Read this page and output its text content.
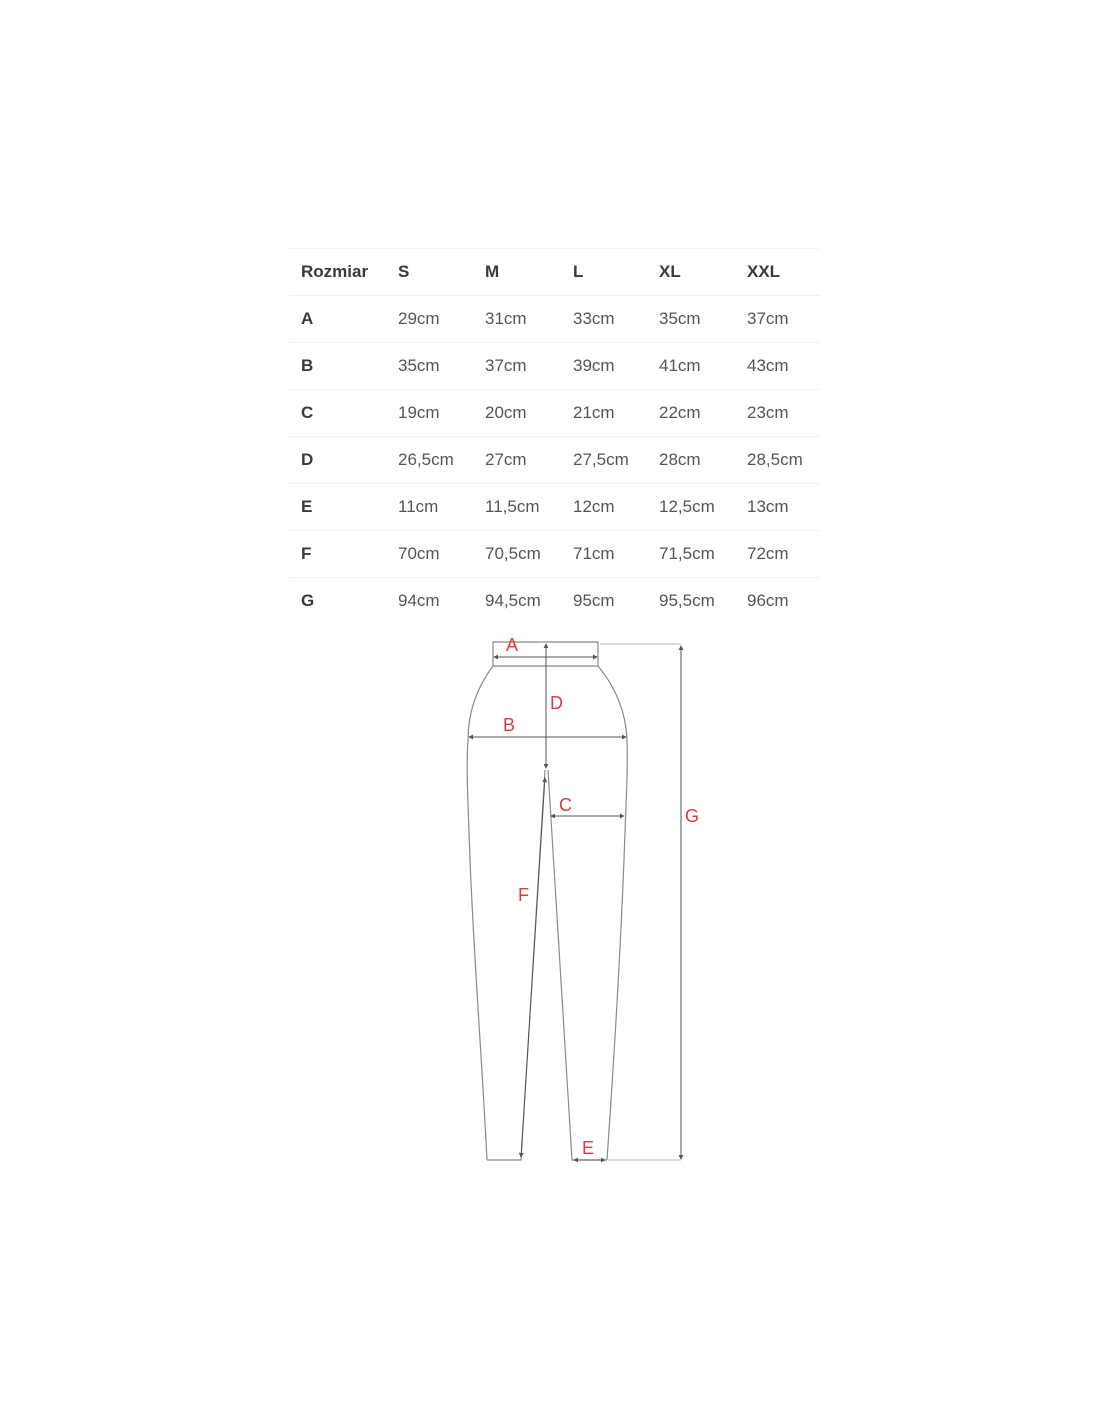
Rozmiar	S	M	L	XL	XXL
A	29cm	31cm	33cm	35cm	37cm
B	35cm	37cm	39cm	41cm	43cm
C	19cm	20cm	21cm	22cm	23cm
D	26,5cm	27cm	27,5cm	28cm	28,5cm
E	11cm	11,5cm	12cm	12,5cm	13cm
F	70cm	70,5cm	71cm	71,5cm	72cm
G	94cm	94,5cm	95cm	95,5cm	96cm
A
B
C
D
E
F
G
